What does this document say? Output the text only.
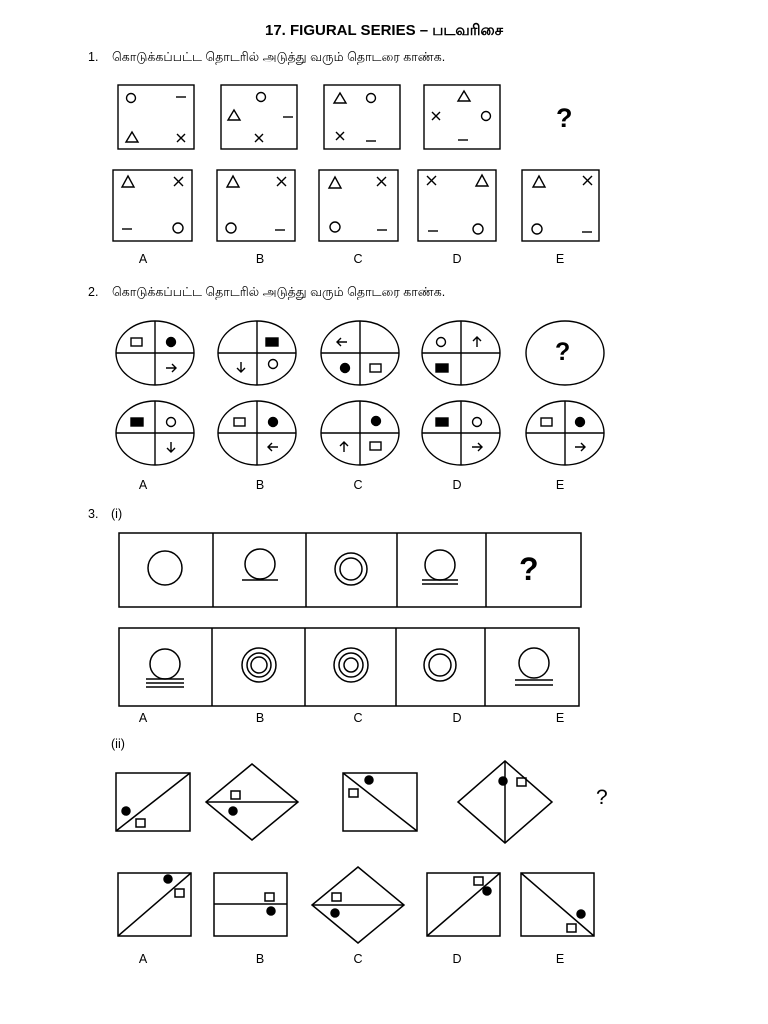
17. FIGURAL SERIES – படவரிசை
1. கொடுக்கப்பட்ட தொடரில் அடுத்து வரும் தொடரை காண்க.
?
A	B	C	D	E
2. கொடுக்கப்பட்ட தொடரில் அடுத்து வரும் தொடரை காண்க.
?
A	B	C	D	E
3. (i)
?
A	B	C	D	E
(ii)
?
A	B	C	D	E
